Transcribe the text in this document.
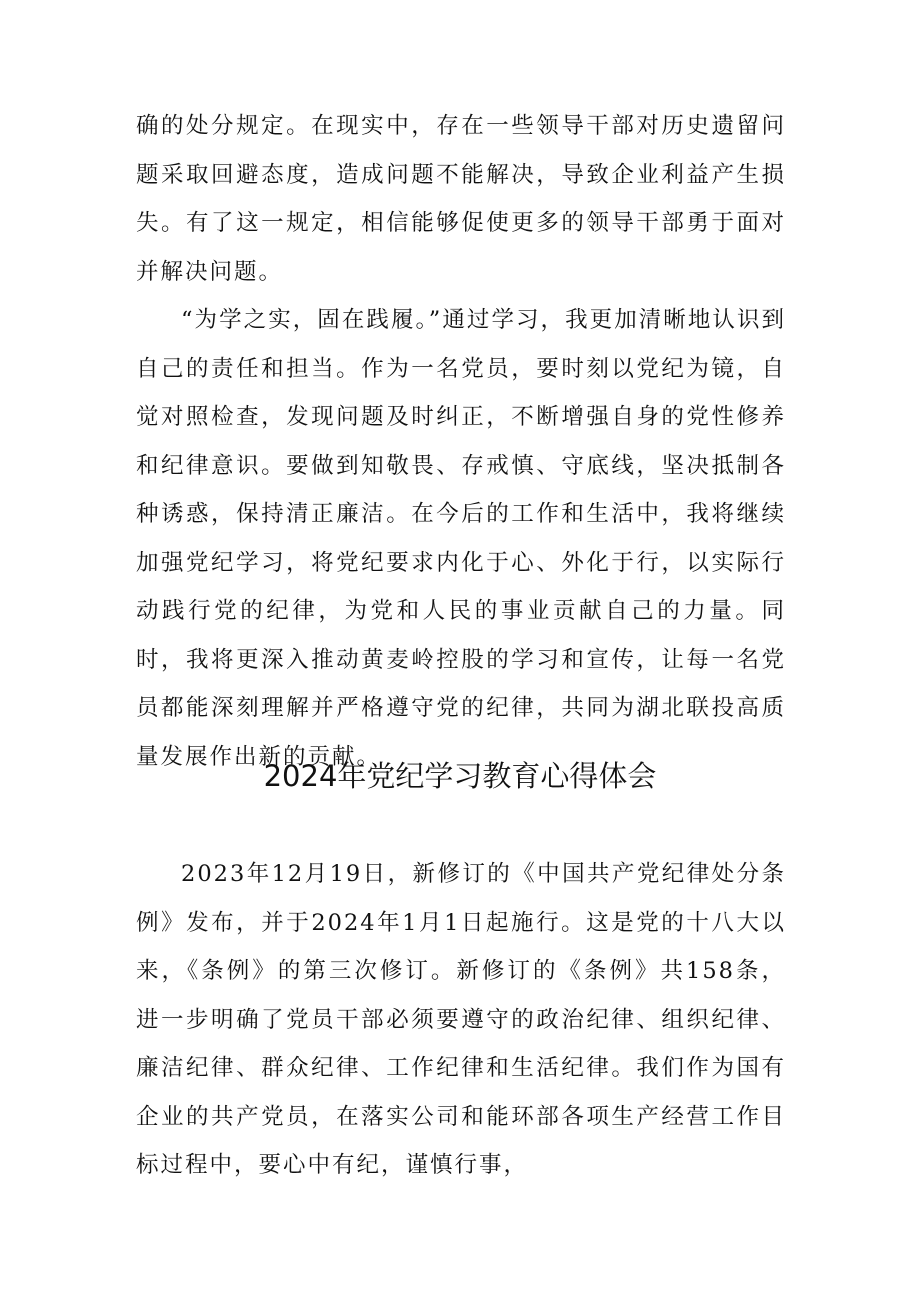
确的处分规定。在现实中，存在一些领导干部对历史遗留问题采取回避态度，造成问题不能解决，导致企业利益产生损失。有了这一规定，相信能够促使更多的领导干部勇于面对并解决问题。

“为学之实，固在践履。”通过学习，我更加清晰地认识到自己的责任和担当。作为一名党员，要时刻以党纪为镜，自觉对照检查，发现问题及时纠正，不断增强自身的党性修养和纪律意识。要做到知敬畏、存戒慎、守底线，坚决抵制各种诱惑，保持清正廉洁。在今后的工作和生活中，我将继续加强党纪学习，将党纪要求内化于心、外化于行，以实际行动践行党的纪律，为党和人民的事业贡献自己的力量。同时，我将更深入推动黄麦岭控股的学习和宣传，让每一名党员都能深刻理解并严格遵守党的纪律，共同为湖北联投高质量发展作出新的贡献。

2024年党纪学习教育心得体会

2023年12月19日，新修订的《中国共产党纪律处分条例》发布，并于2024年1月1日起施行。这是党的十八大以来，《条例》的第三次修订。新修订的《条例》共158条，进一步明确了党员干部必须要遵守的政治纪律、组织纪律、廉洁纪律、群众纪律、工作纪律和生活纪律。我们作为国有企业的共产党员，在落实公司和能环部各项生产经营工作目标过程中，要心中有纪，谨慎行事，
